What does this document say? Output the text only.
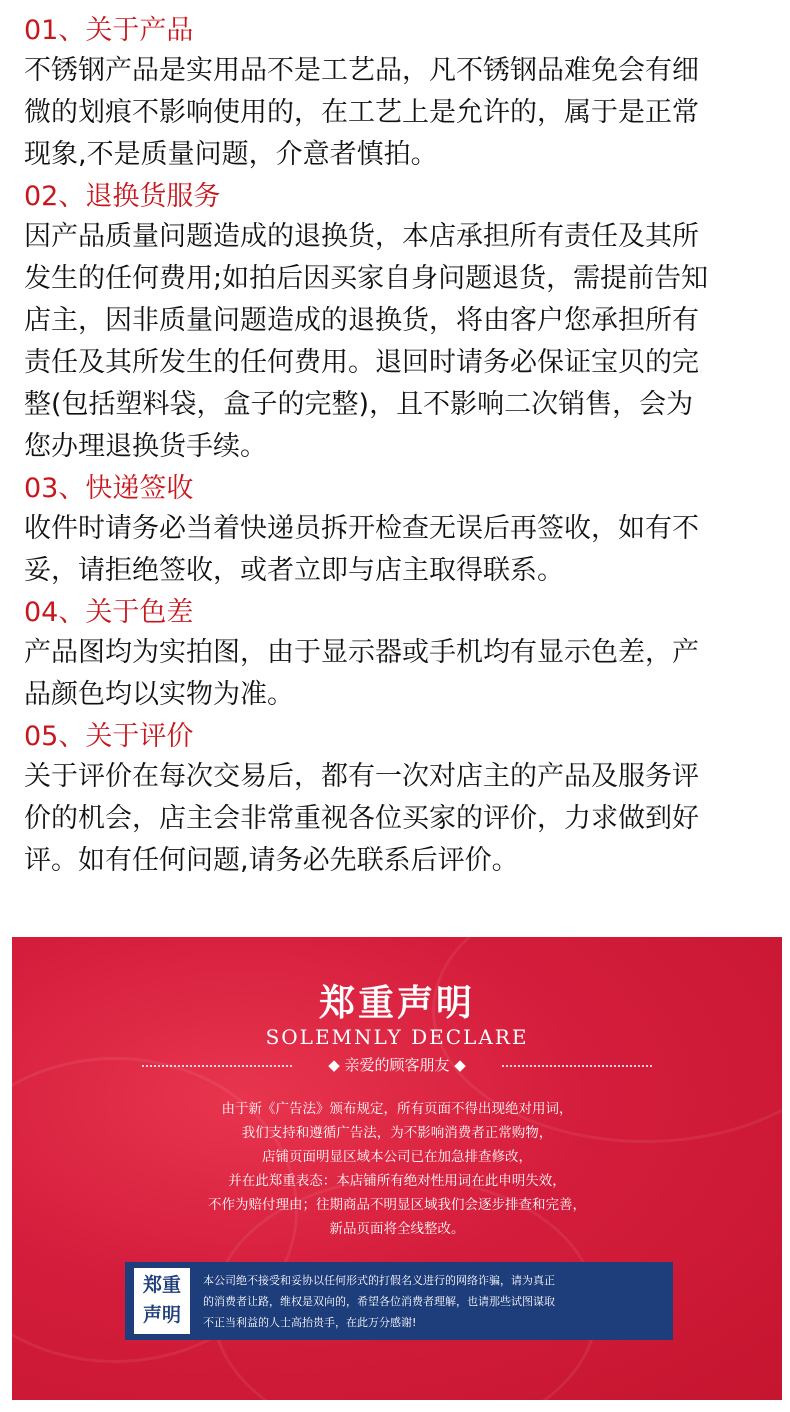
01、关于产品

不锈钢产品是实用品不是工艺品，凡不锈钢品难免会有细
微的划痕不影响使用的，在工艺上是允许的，属于是正常
现象,不是质量问题，介意者慎拍。

02、退换货服务

因产品质量问题造成的退换货，本店承担所有责任及其所
发生的任何费用;如拍后因买家自身问题退货，需提前告知
店主，因非质量问题造成的退换货，将由客户您承担所有
责任及其所发生的任何费用。退回时请务必保证宝贝的完
整(包括塑料袋，盒子的完整)，且不影响二次销售，会为
您办理退换货手续。

03、快递签收

收件时请务必当着快递员拆开检查无误后再签收，如有不
妥，请拒绝签收，或者立即与店主取得联系。

04、关于色差

产品图均为实拍图，由于显示器或手机均有显示色差，产
品颜色均以实物为准。

05、关于评价

关于评价在每次交易后，都有一次对店主的产品及服务评
价的机会，店主会非常重视各位买家的评价，力求做到好
评。如有任何问题,请务必先联系后评价。

郑重声明
SOLEMNLY DECLARE
◆ 亲爱的顾客朋友 ◆
由于新《广告法》颁布规定，所有页面不得出现绝对用词，
我们支持和遵循广告法，为不影响消费者正常购物，
店铺页面明显区域本公司已在加急排查修改，
并在此郑重表态：本店铺所有绝对性用词在此申明失效，
不作为赔付理由；往期商品不明显区域我们会逐步排查和完善，
新品页面将全线整改。
郑重
声明
本公司绝不接受和妥协以任何形式的打假名义进行的网络诈骗，请为真正
的消费者让路，维权是双向的，希望各位消费者理解，也请那些试图谋取
不正当利益的人士高抬贵手，在此万分感谢!
